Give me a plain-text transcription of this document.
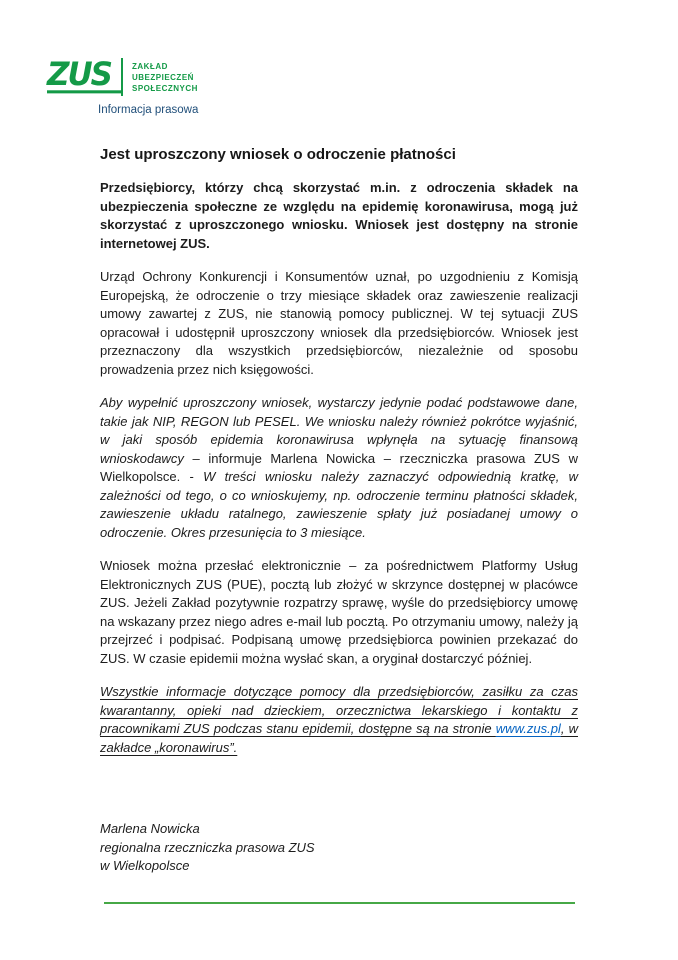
ZUS	ZAKŁAD
UBEZPIECZEŃ
SPOŁECZNYCH
Informacja prasowa
Jest uproszczony wniosek o odroczenie płatności

Przedsiębiorcy, którzy chcą skorzystać m.in. z odroczenia składek na ubezpieczenia społeczne ze względu na epidemię koronawirusa, mogą już skorzystać z uproszczonego wniosku. Wniosek jest dostępny na stronie internetowej ZUS.

Urząd Ochrony Konkurencji i Konsumentów uznał, po uzgodnieniu z Komisją Europejską, że odroczenie o trzy miesiące składek oraz zawieszenie realizacji umowy zawartej z ZUS, nie stanowią pomocy publicznej. W tej sytuacji ZUS opracował i udostępnił uproszczony wniosek dla przedsiębiorców. Wniosek jest przeznaczony dla wszystkich przedsiębiorców, niezależnie od sposobu prowadzenia przez nich księgowości.

Aby wypełnić uproszczony wniosek, wystarczy jedynie podać podstawowe dane, takie jak NIP, REGON lub PESEL. We wniosku należy również pokrótce wyjaśnić, w jaki sposób epidemia koronawirusa wpłynęła na sytuację finansową wnioskodawcy – informuje Marlena Nowicka – rzeczniczka prasowa ZUS w Wielkopolsce. - W treści wniosku należy zaznaczyć odpowiednią kratkę, w zależności od tego, o co wnioskujemy, np. odroczenie terminu płatności składek, zawieszenie układu ratalnego, zawieszenie spłaty już posiadanej umowy o odroczenie. Okres przesunięcia to 3 miesiące.

Wniosek można przesłać elektronicznie – za pośrednictwem Platformy Usług Elektronicznych ZUS (PUE), pocztą lub złożyć w skrzynce dostępnej w placówce ZUS. Jeżeli Zakład pozytywnie rozpatrzy sprawę, wyśle do przedsiębiorcy umowę na wskazany przez niego adres e-mail lub pocztą. Po otrzymaniu umowy, należy ją przejrzeć i podpisać. Podpisaną umowę przedsiębiorca powinien przekazać do ZUS. W czasie epidemii można wysłać skan, a oryginał dostarczyć później.

Wszystkie informacje dotyczące pomocy dla przedsiębiorców, zasiłku za czas kwarantanny, opieki nad dzieckiem, orzecznictwa lekarskiego i kontaktu z pracownikami ZUS podczas stanu epidemii, dostępne są na stronie www.zus.pl, w zakładce „koronawirus”.

Marlena Nowicka
regionalna rzeczniczka prasowa ZUS
w Wielkopolsce
